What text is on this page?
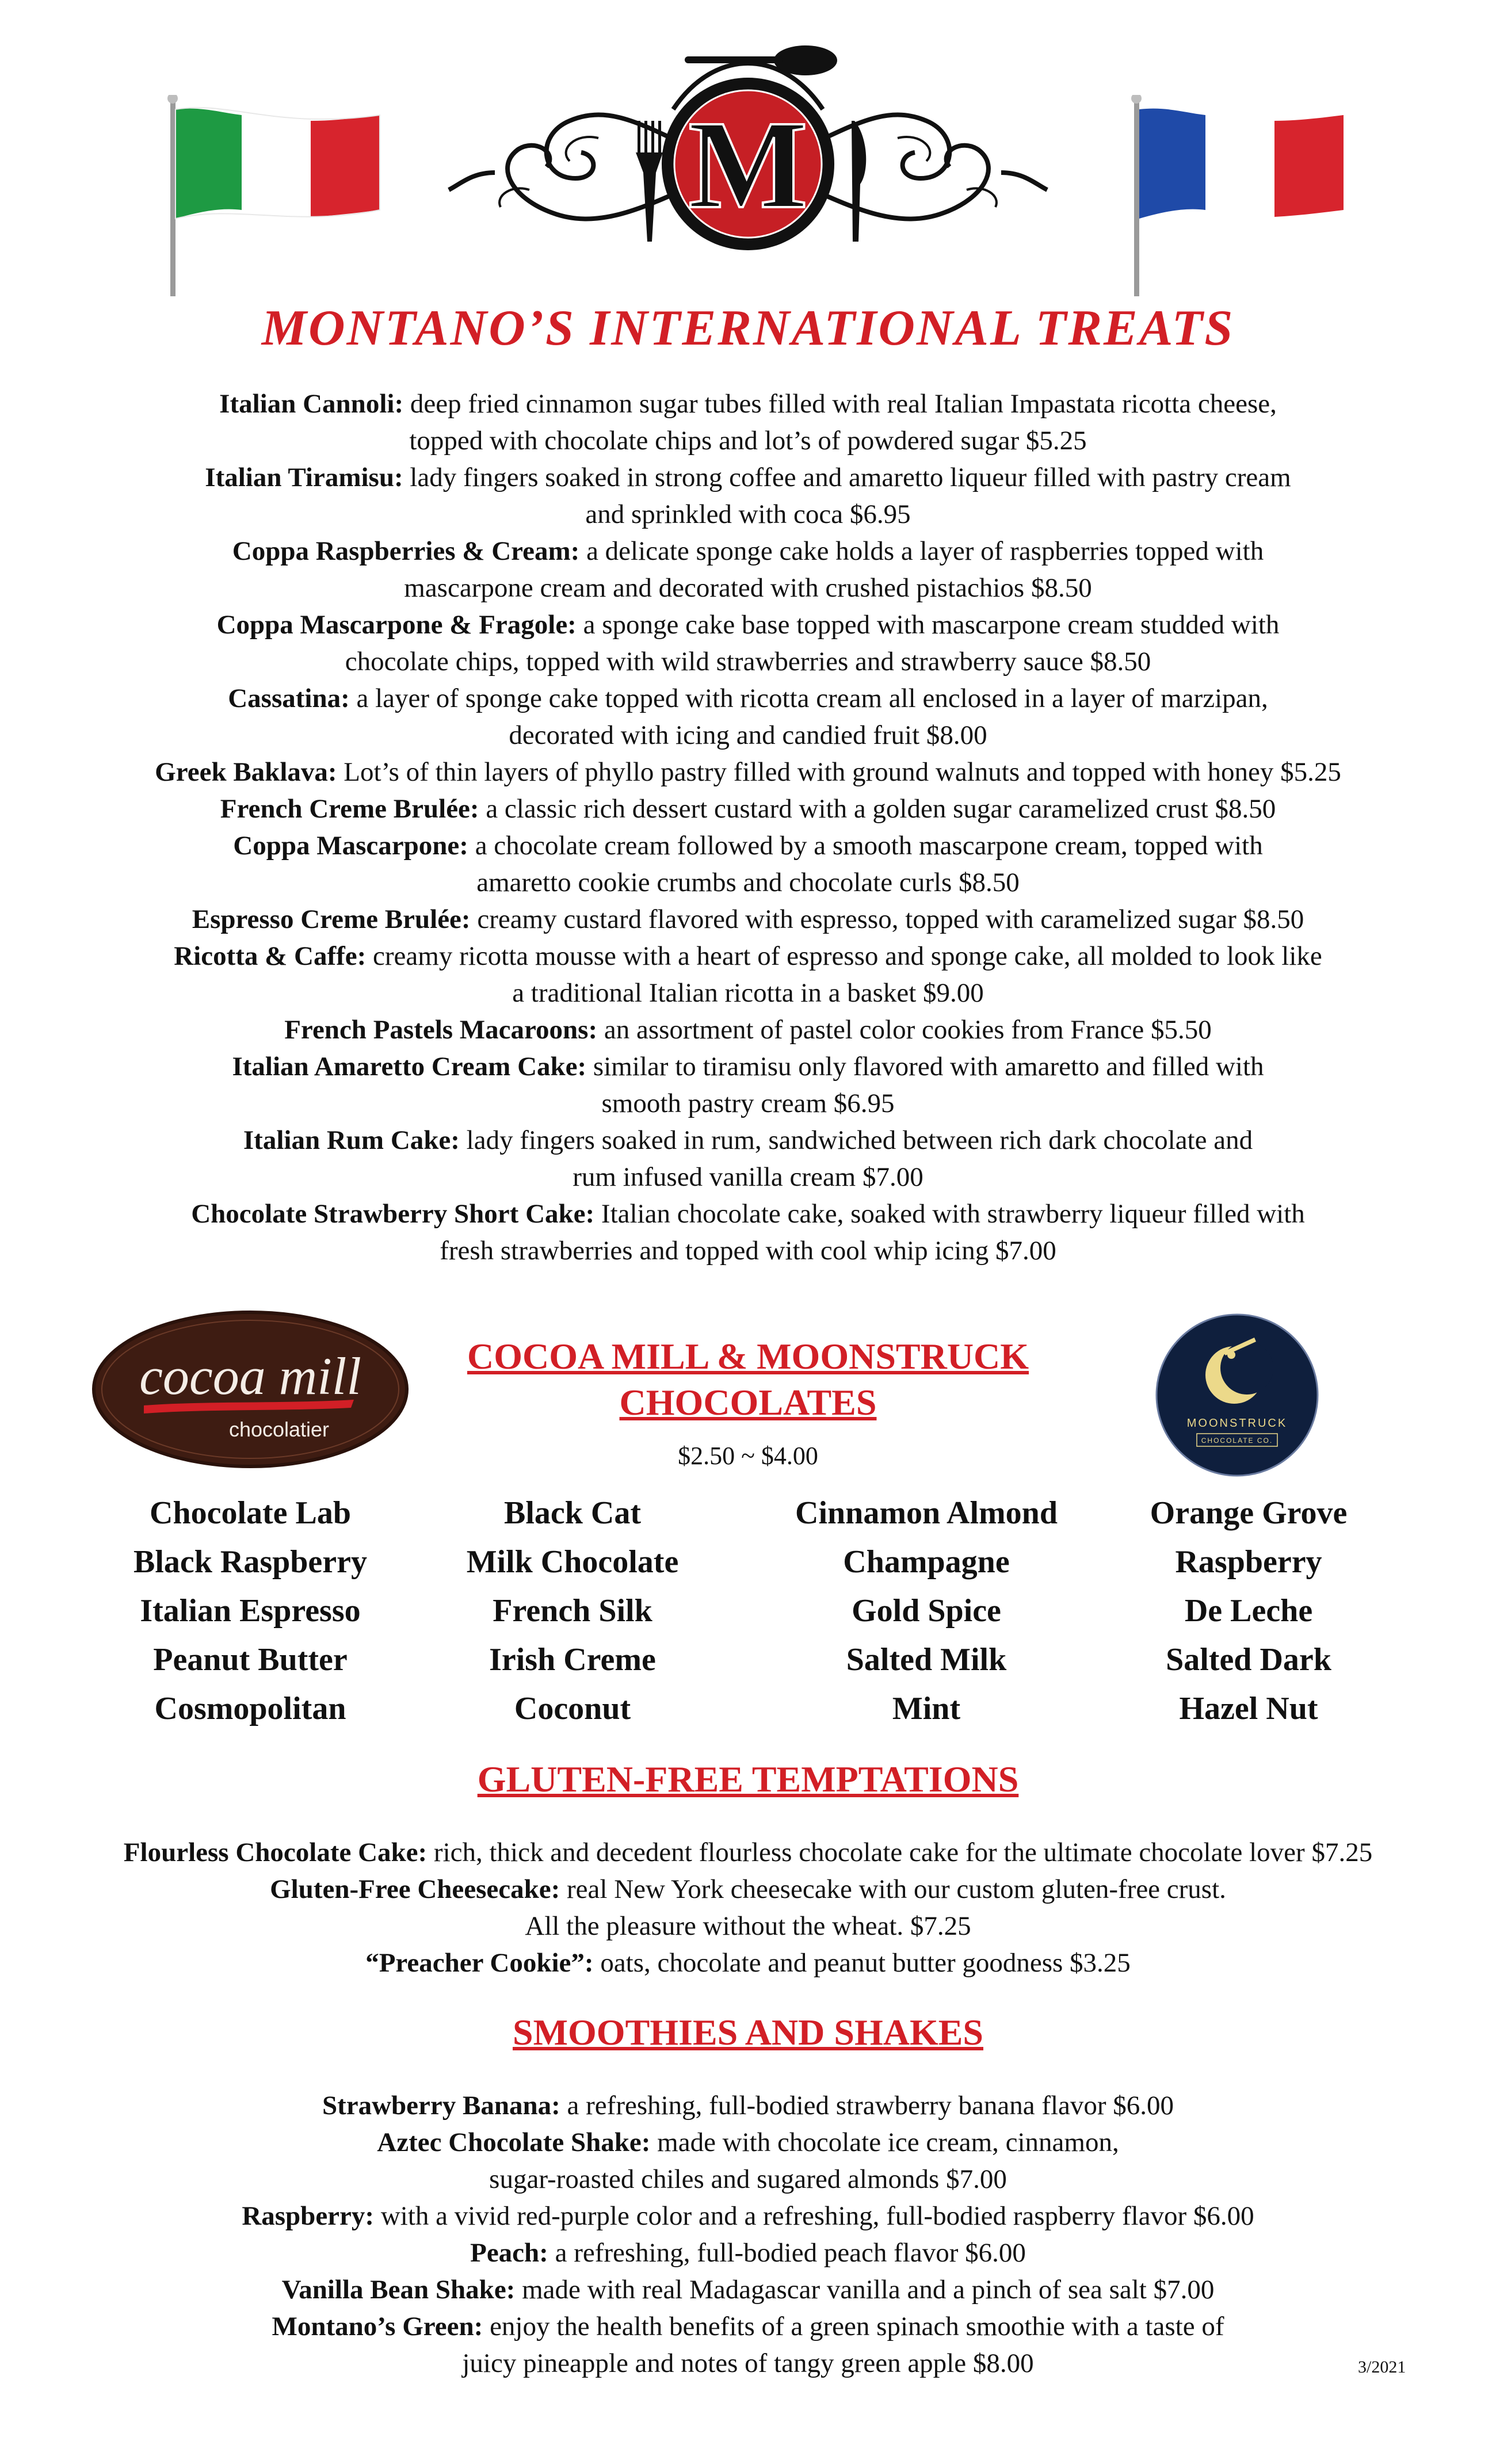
M
MONTANO’S INTERNATIONAL TREATS

Italian Cannoli: deep fried cinnamon sugar tubes filled with real Italian Impastata ricotta cheese,
topped with chocolate chips and lot’s of powdered sugar $5.25

Italian Tiramisu: lady fingers soaked in strong coffee and amaretto liqueur filled with pastry cream
and sprinkled with coca $6.95

Coppa Raspberries & Cream: a delicate sponge cake holds a layer of raspberries topped with
mascarpone cream and decorated with crushed pistachios $8.50

Coppa Mascarpone & Fragole: a sponge cake base topped with mascarpone cream studded with
chocolate chips, topped with wild strawberries and strawberry sauce $8.50

Cassatina: a layer of sponge cake topped with ricotta cream all enclosed in a layer of marzipan,
decorated with icing and candied fruit $8.00

Greek Baklava: Lot’s of thin layers of phyllo pastry filled with ground walnuts and topped with honey $5.25

French Creme Brulée: a classic rich dessert custard with a golden sugar caramelized crust $8.50

Coppa Mascarpone: a chocolate cream followed by a smooth mascarpone cream, topped with
amaretto cookie crumbs and chocolate curls $8.50

Espresso Creme Brulée: creamy custard flavored with espresso, topped with caramelized sugar $8.50

Ricotta & Caffe: creamy ricotta mousse with a heart of espresso and sponge cake, all molded to look like
a traditional Italian ricotta in a basket $9.00

French Pastels Macaroons: an assortment of pastel color cookies from France $5.50

Italian Amaretto Cream Cake: similar to tiramisu only flavored with amaretto and filled with
smooth pastry cream $6.95

Italian Rum Cake: lady fingers soaked in rum, sandwiched between rich dark chocolate and
rum infused vanilla cream $7.00

Chocolate Strawberry Short Cake: Italian chocolate cake, soaked with strawberry liqueur filled with
fresh strawberries and topped with cool whip icing $7.00

cocoa mill
chocolatier	MOONSTRUCK
CHOCOLATE CO.
COCOA MILL & MOONSTRUCK
CHOCOLATES
$2.50 ~ $4.00
Chocolate Lab
Black Raspberry
Italian Espresso
Peanut Butter
Cosmopolitan
Black Cat
Milk Chocolate
French Silk
Irish Creme
Coconut
Cinnamon Almond
Champagne
Gold Spice
Salted Milk
Mint
Orange Grove
Raspberry
De Leche
Salted Dark
Hazel Nut
GLUTEN-FREE TEMPTATIONS

Flourless Chocolate Cake: rich, thick and decedent flourless chocolate cake for the ultimate chocolate lover $7.25

Gluten-Free Cheesecake: real New York cheesecake with our custom gluten-free crust.
All the pleasure without the wheat. $7.25

“Preacher Cookie”: oats, chocolate and peanut butter goodness $3.25

SMOOTHIES AND SHAKES

Strawberry Banana: a refreshing, full-bodied strawberry banana flavor $6.00

Aztec Chocolate Shake: made with chocolate ice cream, cinnamon,
sugar-roasted chiles and sugared almonds $7.00

Raspberry: with a vivid red-purple color and a refreshing, full-bodied raspberry flavor $6.00

Peach: a refreshing, full-bodied peach flavor $6.00

Vanilla Bean Shake: made with real Madagascar vanilla and a pinch of sea salt $7.00

Montano’s Green: enjoy the health benefits of a green spinach smoothie with a taste of
juicy pineapple and notes of tangy green apple $8.00	3/2021
